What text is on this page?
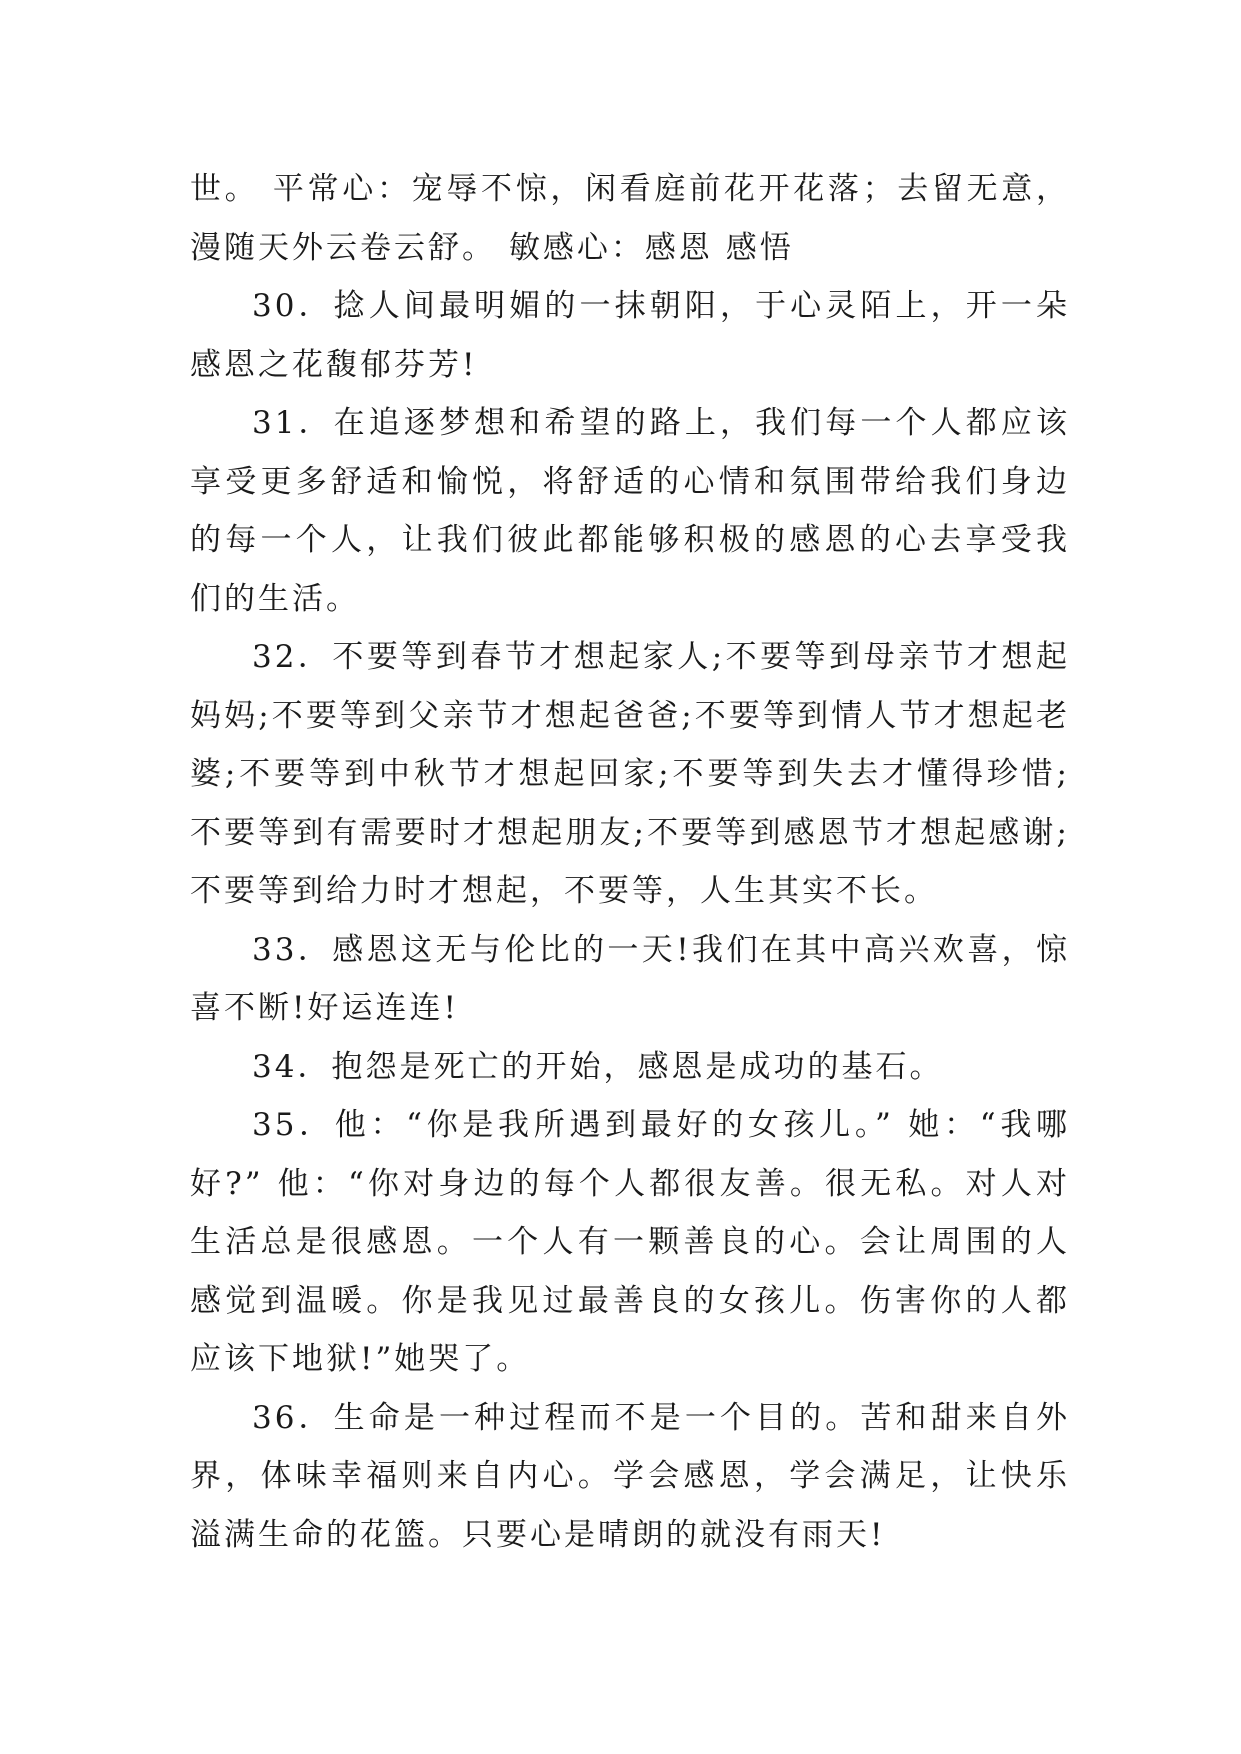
世。 平常心：宠辱不惊，闲看庭前花开花落；去留无意，漫随天外云卷云舒。 敏感心：感恩 感悟

30．捻人间最明媚的一抹朝阳，于心灵陌上，开一朵感恩之花馥郁芬芳!

31．在追逐梦想和希望的路上，我们每一个人都应该享受更多舒适和愉悦，将舒适的心情和氛围带给我们身边的每一个人，让我们彼此都能够积极的感恩的心去享受我们的生活。

32．不要等到春节才想起家人;不要等到母亲节才想起妈妈;不要等到父亲节才想起爸爸;不要等到情人节才想起老婆;不要等到中秋节才想起回家;不要等到失去才懂得珍惜;不要等到有需要时才想起朋友;不要等到感恩节才想起感谢;不要等到给力时才想起，不要等，人生其实不长。

33．感恩这无与伦比的一天!我们在其中高兴欢喜，惊喜不断!好运连连!

34．抱怨是死亡的开始，感恩是成功的基石。

35．他：“你是我所遇到最好的女孩儿。” 她：“我哪好?” 他：“你对身边的每个人都很友善。很无私。对人对生活总是很感恩。一个人有一颗善良的心。会让周围的人感觉到温暖。你是我见过最善良的女孩儿。伤害你的人都应该下地狱!”她哭了。

36．生命是一种过程而不是一个目的。苦和甜来自外界，体味幸福则来自内心。学会感恩，学会满足，让快乐溢满生命的花篮。只要心是晴朗的就没有雨天!
